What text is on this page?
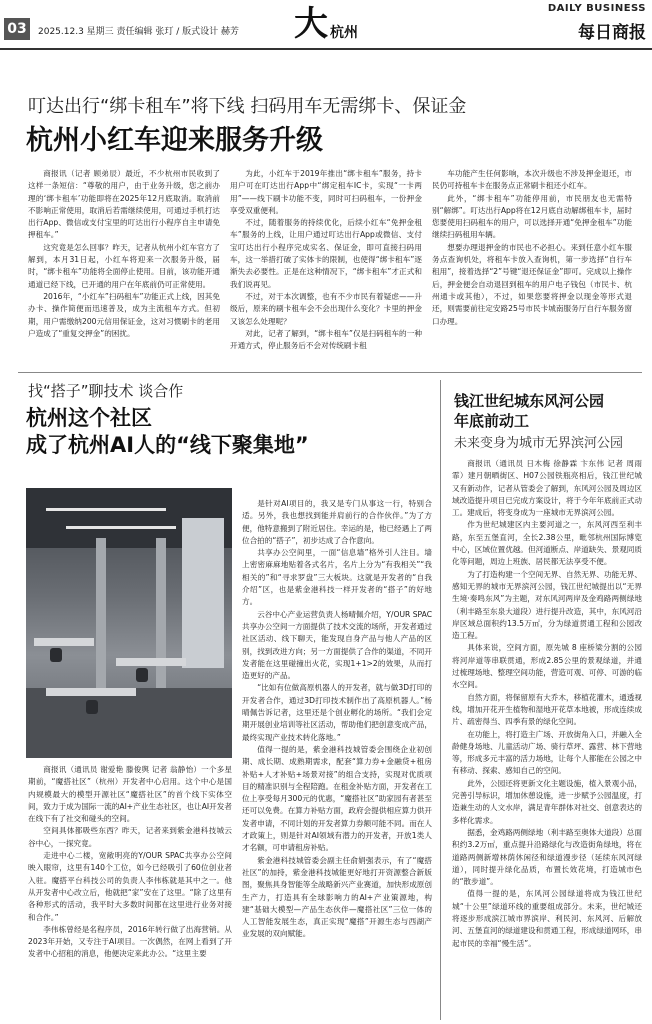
03	2025.12.3 星期三 责任编辑 张玎 / 版式设计 赫芳 大 杭州
DAILY BUSINESS
每日商报
叮达出行“绑卡租车”将下线 扫码用车无需绑卡、保证金
杭州小红车迎来服务升级

商报讯（记者 顾弟辰）最近，不少杭州市民收到了这样一条短信：“尊敬的用户，由于业务升级，您之前办理的‘绑卡租车’功能即将在2025年12月底取消。取消前不影响正常使用，取消后若需继续使用，可通过手机打达出行App、微信或支付宝里的叮达出行小程序自主申请免押租车。”

这究竟是怎么回事？昨天，记者从杭州小红车官方了解到，本月31日起，小红车将迎来一次服务升级，届时，“绑卡租车”功能将全面停止使用。目前，该功能开通通道已经下线，已开通的用户在年底前仍可正常使用。

2016年，“小红车”扫码租车”功能正式上线，因其免办卡、操作简便而迅速普及，成为主流租车方式。但初期，用户需缴纳200元信用保证金，这对习惯刷卡的老用户造成了“重复交押金”的困扰。

为此，小红车于2019年推出“绑卡租车”服务，持卡用户可在叮达出行App中“绑定租车IC卡，实现“一卡两用”——线下刷卡功能不变，同时可扫码租车，一份押金享受双重便利。

不过，随着服务的持续优化，后续小红车“免押金租车”服务的上线，让用户通过叮达出行App或微信、支付宝叮达出行小程序完成实名、保证金，即可直接扫码用车，这一举措打破了实体卡的限制，也使得“绑卡租车”逐渐失去必要性。正是在这种情况下，“绑卡租车”才正式和我们说再见。

不过，对于本次调整，也有不少市民有着疑虑——升级后，原来的刷卡租车会不会出现什么变化？卡里的押金又该怎么处理呢？

对此，记者了解到，“绑卡租车”仅是扫码租车的一种开通方式，停止服务后不会对传统刷卡租

车功能产生任何影响，本次升级也不涉及押金退还，市民仍可持租车卡在服务点正常刷卡租还小红车。

此外，“绑卡租车”功能停用前，市民朋友也无需特别“解绑”。叮达出行App将在12月底自动解绑租车卡，届时您要使用扫码租车的用户，可以选择开通“免押金租车”功能继续扫码租用车辆。

想要办理退押金的市民也不必担心。来到任意小红车服务点查询机处，将租车卡放入查询机，第一步选择“自行车租用”，接着选择“2”号键“退还保证金”即可。完成以上操作后，押金便会自动退回到租车的用户电子钱包（市民卡、杭州通卡或其他），不过，如果您要将押金以现金等形式退还，则需要前往定安路25号市民卡城南服务厅自行车服务窗口办理。

找“搭子”聊技术 谈合作
杭州这个社区
成了杭州AI人的“线下聚集地”

商报讯（通讯员 谢爱艳 滕俊舆 记者 翁静怡）一个多星期前，“魔搭社区”（杭州）开发者中心启用。这个中心是国内规模最大的模型开源社区“魔搭社区”的首个线下实体空间，致力于成为国际一流的AI+产业生态社区，也让AI开发者在线下有了社交和碰头的空间。

空间具体都吸些东西？昨天，记者来到紫金港科技城云谷中心，一探究竟。

走进中心二楼，宽敞明亮的Y/OUR SPAC共享办公空间映入眼帘，这里有140个工位，如今已经吸引了60位创业者入驻。魔搭平台科技公司的负责人李伟栋就是其中之一。他从开发者中心改立后，他就把“家”安在了这里。“除了这里有各种形式的活动，我平时大多数时间都在这里进行业务对接和合作。”

李伟栋曾经是名程序员，2016年转行做了出海营销。从2023年开始，又专注于AI项目。一次偶然，在网上看到了开发者中心招租的消息，他便决定来此办公。“这里主要

是针对AI项目的，我又是专门从事这一行，特别合适。另外，我也想找到能并肩前行的合作伙伴。”为了方便，他特意搬到了附近居住。幸运的是，他已经遇上了两位合拍的“搭子”，初步达成了合作意向。

共享办公空间里，一面“信息墙”格外引人注目。墙上密密麻麻地贴着各式名片，名片上分为“有我相关”“我相关的”和“寻求罗盘”三大板块。这就是开发者的“自我介绍”区，也是紫金港科技一样开发者的“搭子”的好地方。

云谷中心产业运营负责人杨晴佩介绍，Y/OUR SPAC共享办公空间一方面提供了技术交流的场所，开发者通过社区活动、线下聊天，能发现自身产品与他人产品的区别，找到改进方向；另一方面提供了合作的渠道，不同开发者能在这里碰撞出火花，实现1+1>2的效果，从而打造更好的产品。

“比如有位做高原机器人的开发者，就与做3D打印的开发者合作，通过3D打印技术制作出了高原机器人。”杨晴佩告诉记者，这里还是个创业孵化的场所。“我们会定期开展创业培训等社区活动，帮助他们把创意变成产品，最终实现产业技术转化落地。”

值得一提的是，紫金港科技城管委会围绕企业初创期、成长期、成熟期需求，配套“算力券+金融贷+租房补贴+人才补贴+场景对接”的组合支持，实现对优质项目的精准识别与全程陪跑。在租金补贴方面，开发者在工位上享受每月300元的优惠，“魔搭社区”助家园有者甚至还可以免费。在算力补贴方面，政府会提供相应算力供开发者申请，不同计划的开发者算力券额可能不同。而在人才政策上，则是针对AI领域有潜力的开发者，开放1类人才名额，可申请租房补贴。

紫金港科技城管委会副主任俞娟强表示，有了“魔搭社区”的加持，紫金港科技城能更好地打开资源整合新版图，聚焦具身智能等全战略新兴产业赛道，加快形成原创生产力，打造具有全球影响力的AI+产业策源地，构建“基础大模型—产品生态伙伴—魔搭社区”三位一体的人工智能发展生态，真正实现“魔搭”开源生态与西湖产业发展的双向赋能。

钱江世纪城东风河公园
年底前动工
未来变身为城市无界滨河公园

商报讯（通讯员 日木梅 徐静霖 卞东伟 记者 周雨霏）建月朝晒街区、H07公园铁瓶亮相后，钱江世纪城又有新动作，记者从管委会了解到，东风河公园及周边区域改造提升项目已完成方案设计，将于今年年底前正式动工。建成后，将变身成为一座城市无界滨河公园。

作为世纪城建区内主要河道之一，东风河西至利丰路，东至五堡直河，全长2.38公里，毗邻杭州国际博览中心，区域位置优越。但河道断点、岸道缺失、景观同质化等问题，周边上班族、居民都无法享受不便。

为了打造构建一个空间无界、自然无界、功能无界、感知无界的城市无界滨河公园，钱江世纪城提出以“无界生境·奏鸣东风”为主题，对东风河两岸及金鸡路两侧绿地（利丰路至东泉大道段）进行提升改造，其中，东风河沿岸区域总面积约13.5万㎡，分为绿道贯通工程和公园改造工程。

具体来说，空间方面，原先城 8 座桥梁分割的公园将河岸道等串联贯通，形成2.85公里的景观绿道，并通过梳理场地、整理空间功能，营造可观、可停、可游的临水空间。

自然方面，将保留原有大乔木，移植花灌木，通透视线，增加开花开生植物和湿地开花草本地被，形成连续成片、疏密得当、四季有景的绿化空间。

在功能上，将打造主广场、开放街角入口，并融入全龄健身场地、儿童活动广场、骑行草坪、露营、林下营地等，形成多元丰富的活力场地，让每个人都能在公园之中有移动、探索、感知自己的空间。

此外，公园还将更新文化主题设施，植入景观小品，完善引导标识，增加休憩设施，进一步赋予公园温度，打造兼生动的人文水岸，满足青年群体对社交、创意表达的多样化需求。

据悉，金鸡路两侧绿地（利丰路至奥体大道段）总面积约3.2万㎡，重点提升沿路绿化与改造街角绿地，将在道路两侧新增林荫休闲径和绿道漫步径（延续东风河绿道），同时提升绿化品质，布置长效花境，打造城市色的“散步道”。

值得一提的是，东风河公园绿道将成为钱江世纪城“十公里”绿道环线的重要组成部分。未来，世纪城还将逐步形成滨江城市界滨岸、利民河、东风河、后解放河、五堡直河的绿道建设和贯通工程，形成绿道网环，串起市民的幸福“慢生活”。
